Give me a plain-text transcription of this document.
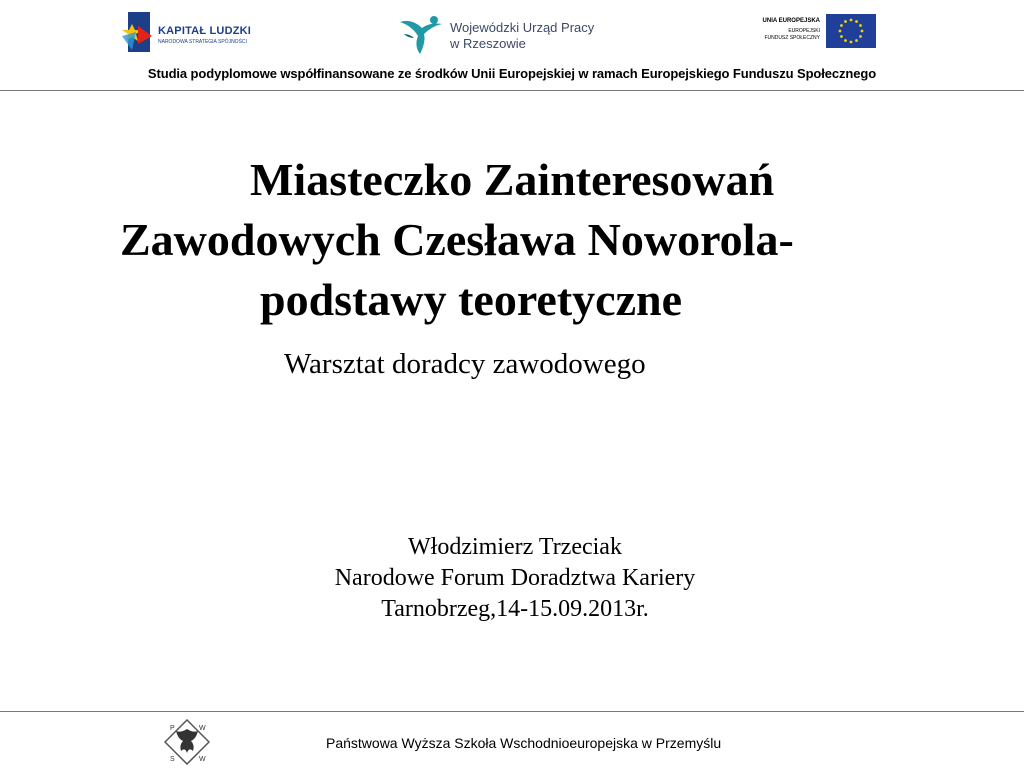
KAPITAŁ LUDZKI
NARODOWA STRATEGIA SPÓJNOŚCI
Wojewódzki Urząd Pracy
w Rzeszowie
UNIA EUROPEJSKA
EUROPEJSKI
FUNDUSZ SPOŁECZNY
Studia podyplomowe współfinansowane ze środków Unii Europejskiej w ramach Europejskiego Funduszu Społecznego
Miasteczko Zainteresowań
Zawodowych Czesława Noworola-
podstawy teoretyczne
Warsztat doradcy zawodowego
Włodzimierz Trzeciak
Narodowe Forum Doradztwa Kariery
Tarnobrzeg,14-15.09.2013r.
P	W
S	W
Państwowa Wyższa Szkoła Wschodnioeuropejska w Przemyślu
